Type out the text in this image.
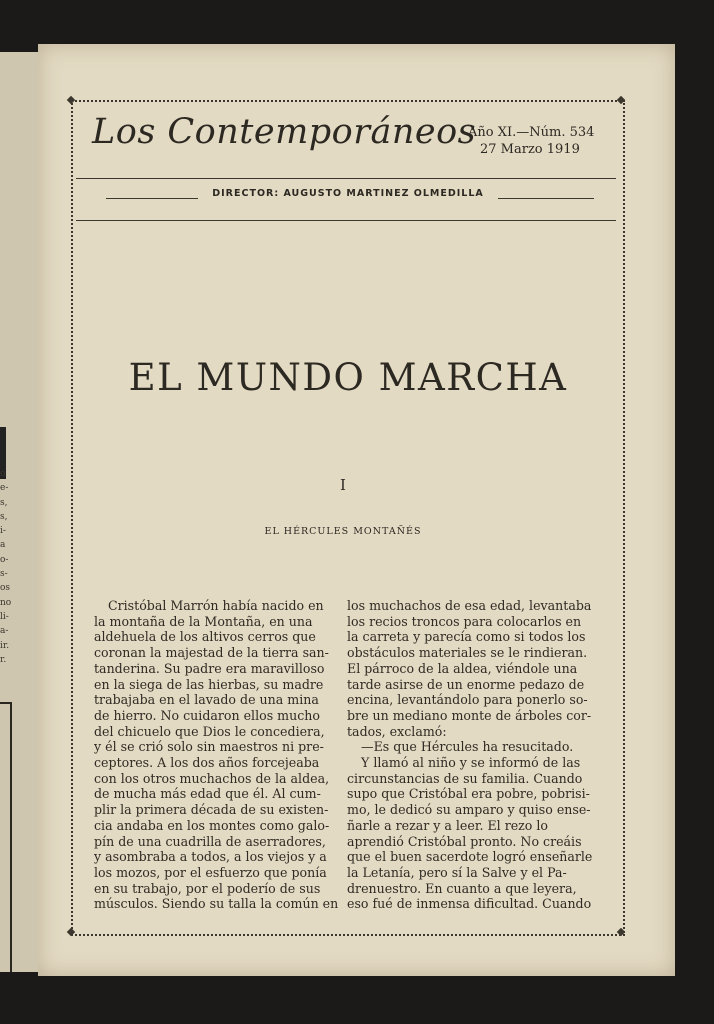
o
e-
s,
s,
i-
a
o-
s-
os
no
li-
a-
ir.
r.
Los Contemporáneos
Año XI.—Núm. 534
27 Marzo 1919
DIRECTOR: AUGUSTO MARTINEZ OLMEDILLA
EL MUNDO MARCHA
I
EL HÉRCULES MONTAÑÉS
Cristóbal Marrón había nacido en
la montaña de la Montaña, en una
aldehuela de los altivos cerros que
coronan la majestad de la tierra san-
tanderina. Su padre era maravilloso
en la siega de las hierbas, su madre
trabajaba en el lavado de una mina
de hierro. No cuidaron ellos mucho
del chicuelo que Dios le concediera,
y él se crió solo sin maestros ni pre-
ceptores. A los dos años forcejeaba
con los otros muchachos de la aldea,
de mucha más edad que él. Al cum-
plir la primera década de su existen-
cia andaba en los montes como galo-
pín de una cuadrilla de aserradores,
y asombraba a todos, a los viejos y a
los mozos, por el esfuerzo que ponía
en su trabajo, por el poderío de sus
músculos. Siendo su talla la común en
los muchachos de esa edad, levantaba
los recios troncos para colocarlos en
la carreta y parecía como si todos los
obstáculos materiales se le rindieran.
El párroco de la aldea, viéndole una
tarde asirse de un enorme pedazo de
encina, levantándolo para ponerlo so-
bre un mediano monte de árboles cor-
tados, exclamó:
—Es que Hércules ha resucitado.
Y llamó al niño y se informó de las
circunstancias de su familia. Cuando
supo que Cristóbal era pobre, pobrisi-
mo, le dedicó su amparo y quiso ense-
ñarle a rezar y a leer. El rezo lo
aprendió Cristóbal pronto. No creáis
que el buen sacerdote logró enseñarle
la Letanía, pero sí la Salve y el Pa-
drenuestro. En cuanto a que leyera,
eso fué de inmensa dificultad. Cuando
